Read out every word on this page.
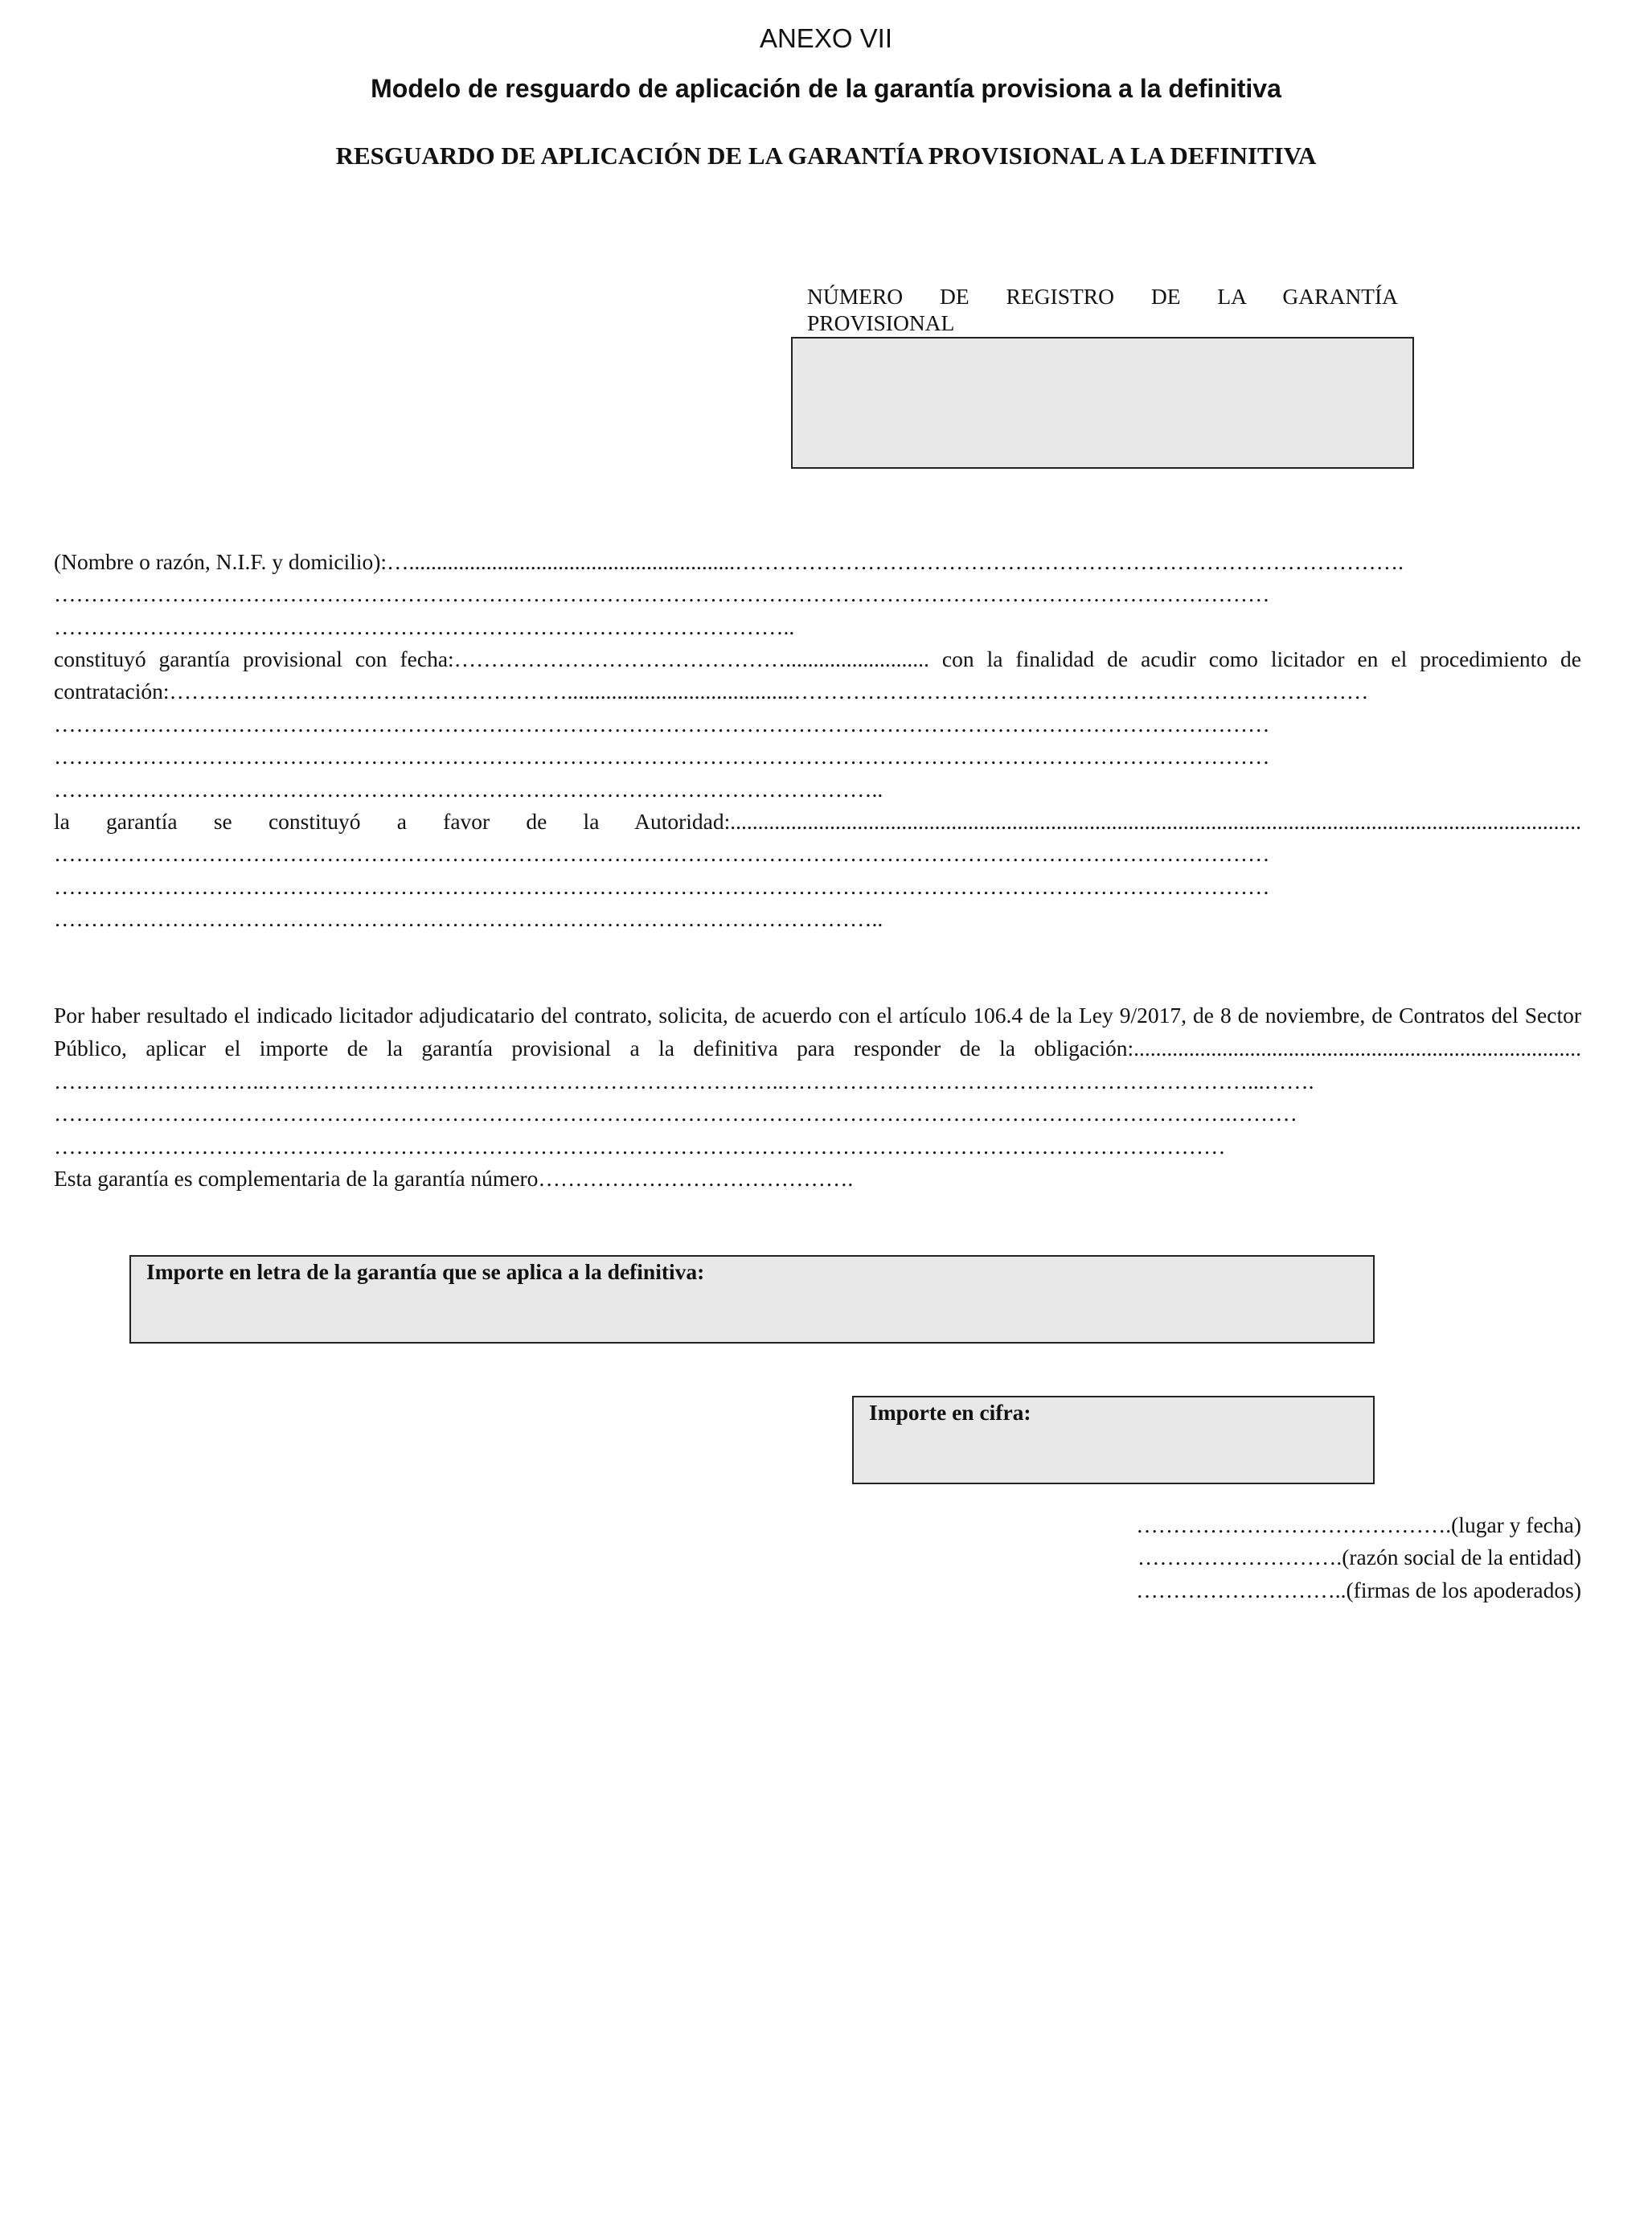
ANEXO VII
Modelo de resguardo de aplicación de la garantía provisiona a la definitiva
RESGUARDO DE APLICACIÓN DE LA GARANTÍA PROVISIONAL A LA DEFINITIVA
NÚMERO DE REGISTRO DE LA GARANTÍA
PROVISIONAL
(Nombre o razón, N.I.F. y domicilio):…...........................................................……………………………………………………………………………….
…………………………………………………………………………………………………………………………………………………
………………………………………………………………………………………..
constituyó garantía provisional con fecha:……………………………………….......................... con la finalidad de acudir como licitador en el procedimiento de
contratación:……………………………………………….........................................……………………………………………………………………
…………………………………………………………………………………………………………………………………………………
…………………………………………………………………………………………………………………………………………………
…………………………………………………………………………………………………..
la garantía se constituyó a favor de la Autoridad:..........................................................................................................................................................
…………………………………………………………………………………………………………………………………………………
…………………………………………………………………………………………………………………………………………………
…………………………………………………………………………………………………..
Por haber resultado el indicado licitador adjudicatario del contrato, solicita, de acuerdo con el artículo 106.4 de la Ley 9/2017, de 8 de noviembre, de Contratos del Sector
Público, aplicar el importe de la garantía provisional a la definitiva para responder de la obligación:.................................................................................
………………………..……………………………………………………………..………………………………………………………...…….
…………………………………………………………………………………………………………………………………………….………
……………………………………………………………………………………………………………………………………………
Esta garantía es complementaria de la garantía número…………………………………….
Importe en letra de la garantía que se aplica a la definitiva:
Importe en cifra:
…………………………………….(lugar y fecha)
……………………….(razón social de la entidad)
………………………..(firmas de los apoderados)
